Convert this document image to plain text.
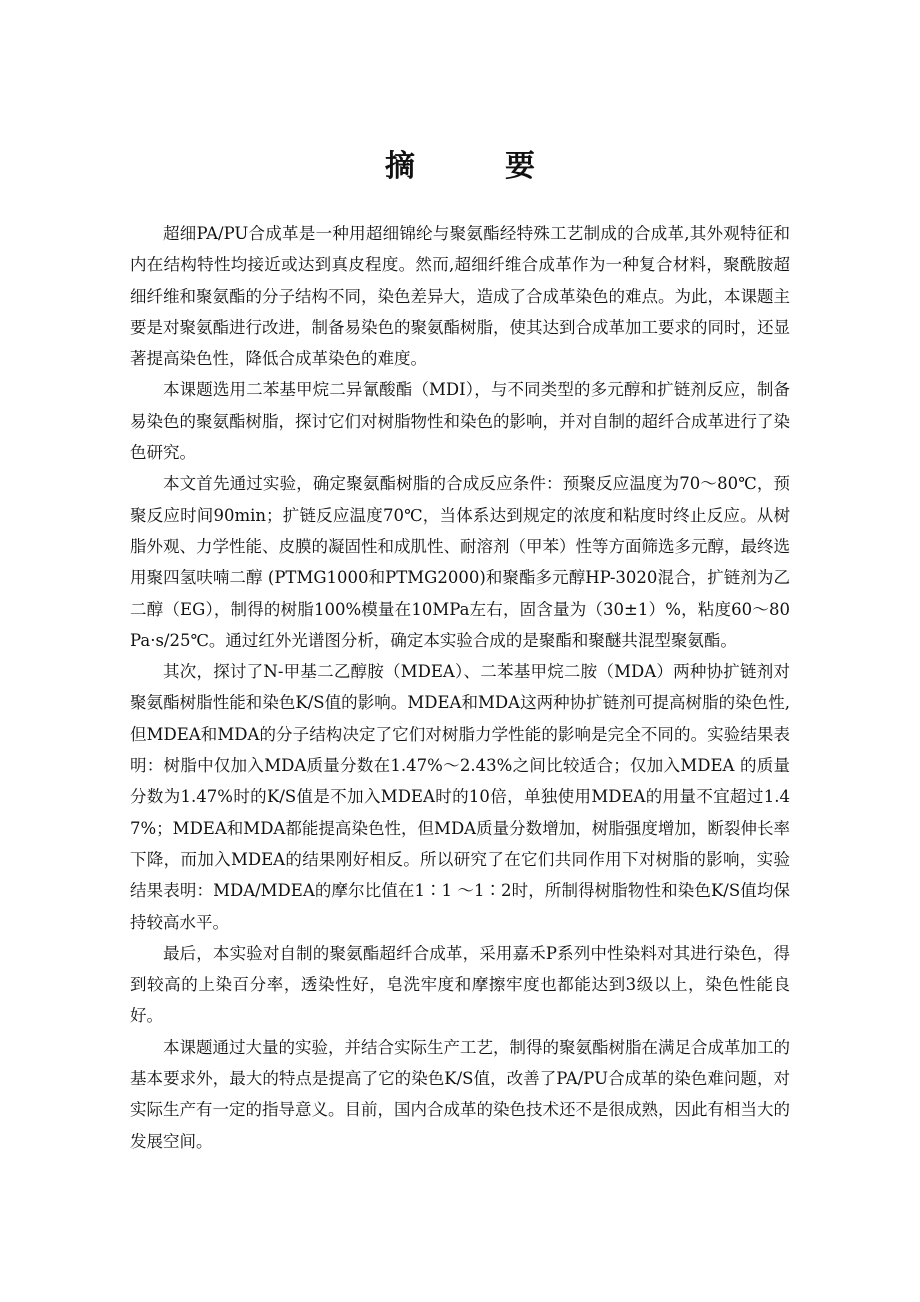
摘　要

超细PA/PU合成革是一种用超细锦纶与聚氨酯经特殊工艺制成的合成革,其外观特征和内在结构特性均接近或达到真皮程度。然而,超细纤维合成革作为一种复合材料，聚酰胺超细纤维和聚氨酯的分子结构不同，染色差异大，造成了合成革染色的难点。为此，本课题主要是对聚氨酯进行改进，制备易染色的聚氨酯树脂，使其达到合成革加工要求的同时，还显著提高染色性，降低合成革染色的难度。

本课题选用二苯基甲烷二异氰酸酯（MDI），与不同类型的多元醇和扩链剂反应，制备易染色的聚氨酯树脂，探讨它们对树脂物性和染色的影响，并对自制的超纤合成革进行了染色研究。

本文首先通过实验，确定聚氨酯树脂的合成反应条件：预聚反应温度为70～80℃，预聚反应时间90min；扩链反应温度70℃，当体系达到规定的浓度和粘度时终止反应。从树脂外观、力学性能、皮膜的凝固性和成肌性、耐溶剂（甲苯）性等方面筛选多元醇，最终选用聚四氢呋喃二醇 (PTMG1000和PTMG2000)和聚酯多元醇HP-3020混合，扩链剂为乙二醇（EG），制得的树脂100%模量在10MPa左右，固含量为（30±1）%，粘度60～80 Pa·s/25℃。通过红外光谱图分析，确定本实验合成的是聚酯和聚醚共混型聚氨酯。

其次，探讨了N-甲基二乙醇胺（MDEA）、二苯基甲烷二胺（MDA）两种协扩链剂对聚氨酯树脂性能和染色K/S值的影响。MDEA和MDA这两种协扩链剂可提高树脂的染色性,但MDEA和MDA的分子结构决定了它们对树脂力学性能的影响是完全不同的。实验结果表明：树脂中仅加入MDA质量分数在1.47%～2.43%之间比较适合；仅加入MDEA 的质量分数为1.47%时的K/S值是不加入MDEA时的10倍，单独使用MDEA的用量不宜超过1.47%；MDEA和MDA都能提高染色性，但MDA质量分数增加，树脂强度增加，断裂伸长率下降，而加入MDEA的结果刚好相反。所以研究了在它们共同作用下对树脂的影响，实验结果表明：MDA/MDEA的摩尔比值在1∶1 ～1∶2时，所制得树脂物性和染色K/S值均保持较高水平。

最后，本实验对自制的聚氨酯超纤合成革，采用嘉禾P系列中性染料对其进行染色，得到较高的上染百分率，透染性好，皂洗牢度和摩擦牢度也都能达到3级以上，染色性能良好。

本课题通过大量的实验，并结合实际生产工艺，制得的聚氨酯树脂在满足合成革加工的基本要求外，最大的特点是提高了它的染色K/S值，改善了PA/PU合成革的染色难问题，对实际生产有一定的指导意义。目前，国内合成革的染色技术还不是很成熟，因此有相当大的发展空间。
